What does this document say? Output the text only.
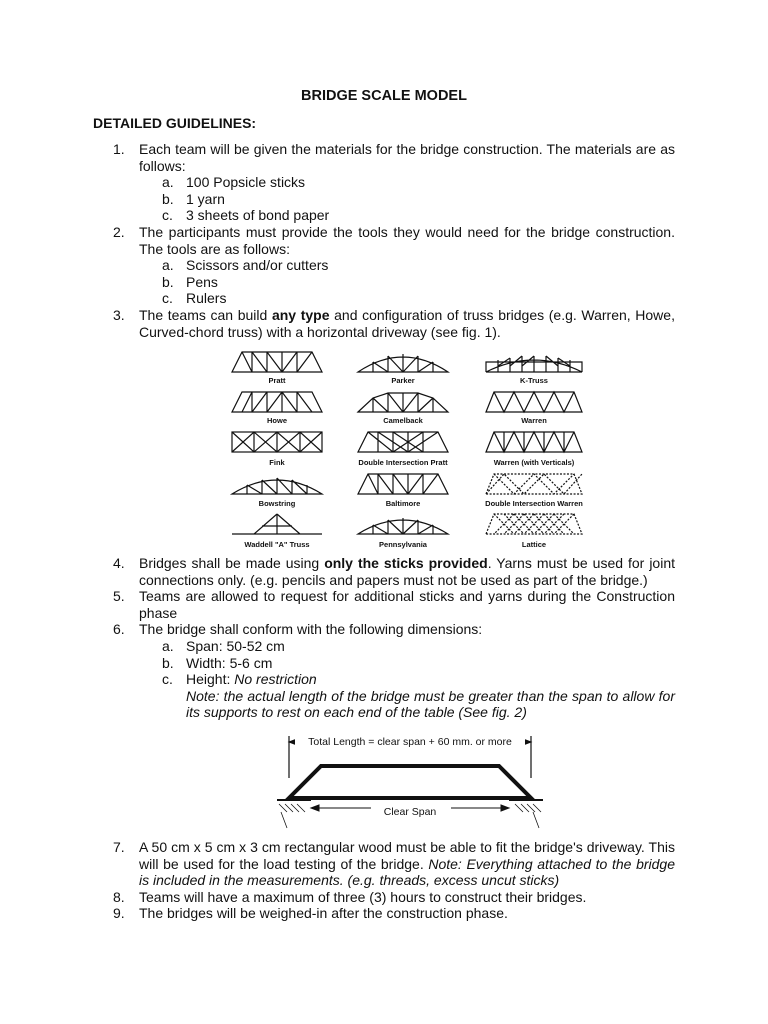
BRIDGE SCALE MODEL
DETAILED GUIDELINES:
1. Each team will be given the materials for the bridge construction. The materials are as follows:
a. 100 Popsicle sticks
b. 1 yarn
c. 3 sheets of bond paper
2. The participants must provide the tools they would need for the bridge construction. The tools are as follows:
a. Scissors and/or cutters
b. Pens
c. Rulers
3. The teams can build any type and configuration of truss bridges (e.g. Warren, Howe, Curved-chord truss) with a horizontal driveway (see fig. 1).
Pratt	Parker	K-Truss
Howe	Camelback	Warren
Fink	Double Intersection Pratt	Warren (with Verticals)
Bowstring	Baltimore	Double Intersection Warren
Waddell "A" Truss	Pennsylvania	Lattice
4. Bridges shall be made using only the sticks provided. Yarns must be used for joint connections only. (e.g. pencils and papers must not be used as part of the bridge.)
5. Teams are allowed to request for additional sticks and yarns during the Construction phase
6. The bridge shall conform with the following dimensions:
a. Span: 50-52 cm
b. Width: 5-6 cm
c. Height: No restriction
Note: the actual length of the bridge must be greater than the span to allow for its supports to rest on each end of the table (See fig. 2)
Total Length = clear span + 60 mm. or more
Clear Span
7. A 50 cm x 5 cm x 3 cm rectangular wood must be able to fit the bridge's driveway. This will be used for the load testing of the bridge. Note: Everything attached to the bridge is included in the measurements. (e.g. threads, excess uncut sticks)
8. Teams will have a maximum of three (3) hours to construct their bridges.
9. The bridges will be weighed-in after the construction phase.
